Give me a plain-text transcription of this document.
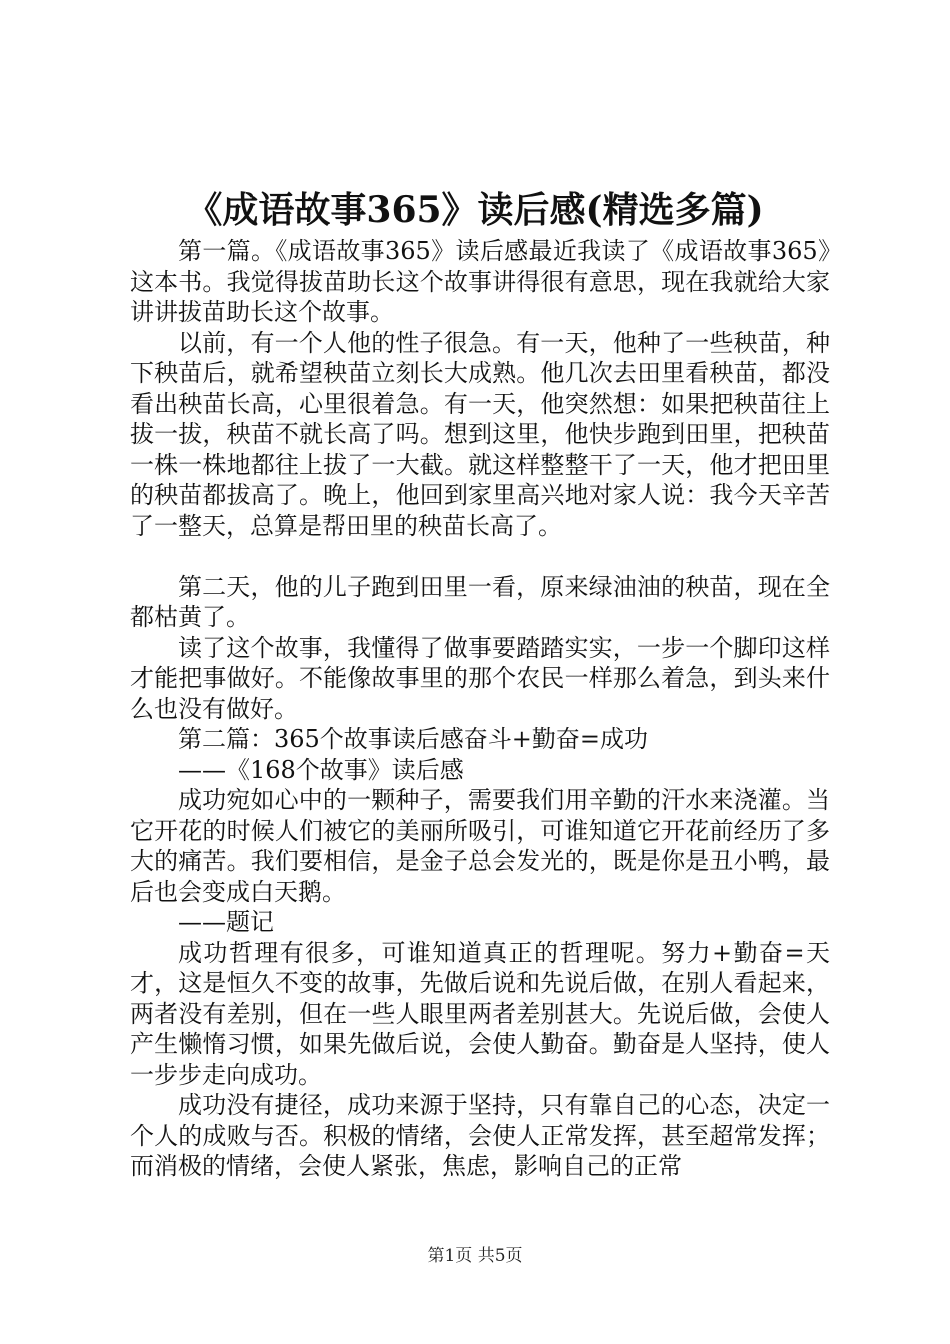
《成语故事365》读后感(精选多篇)

第一篇。《成语故事365》读后感最近我读了《成语故事365》这本书。我觉得拔苗助长这个故事讲得很有意思，现在我就给大家讲讲拔苗助长这个故事。

以前，有一个人他的性子很急。有一天，他种了一些秧苗，种下秧苗后，就希望秧苗立刻长大成熟。他几次去田里看秧苗，都没看出秧苗长高，心里很着急。有一天，他突然想：如果把秧苗往上拔一拔，秧苗不就长高了吗。想到这里，他快步跑到田里，把秧苗一株一株地都往上拔了一大截。就这样整整干了一天，他才把田里的秧苗都拔高了。晚上，他回到家里高兴地对家人说：我今天辛苦了一整天，总算是帮田里的秧苗长高了。

第二天，他的儿子跑到田里一看，原来绿油油的秧苗，现在全都枯黄了。

读了这个故事，我懂得了做事要踏踏实实，一步一个脚印这样才能把事做好。不能像故事里的那个农民一样那么着急，到头来什么也没有做好。

第二篇：365个故事读后感奋斗+勤奋=成功

——《168个故事》读后感

成功宛如心中的一颗种子，需要我们用辛勤的汗水来浇灌。当它开花的时候人们被它的美丽所吸引，可谁知道它开花前经历了多大的痛苦。我们要相信，是金子总会发光的，既是你是丑小鸭，最后也会变成白天鹅。

——题记

成功哲理有很多，可谁知道真正的哲理呢。努力+勤奋=天才，这是恒久不变的故事，先做后说和先说后做，在别人看起来，两者没有差别，但在一些人眼里两者差别甚大。先说后做，会使人产生懒惰习惯，如果先做后说，会使人勤奋。勤奋是人坚持，使人一步步走向成功。

成功没有捷径，成功来源于坚持，只有靠自己的心态，决定一个人的成败与否。积极的情绪，会使人正常发挥，甚至超常发挥；而消极的情绪，会使人紧张，焦虑，影响自己的正常

第1页 共5页
